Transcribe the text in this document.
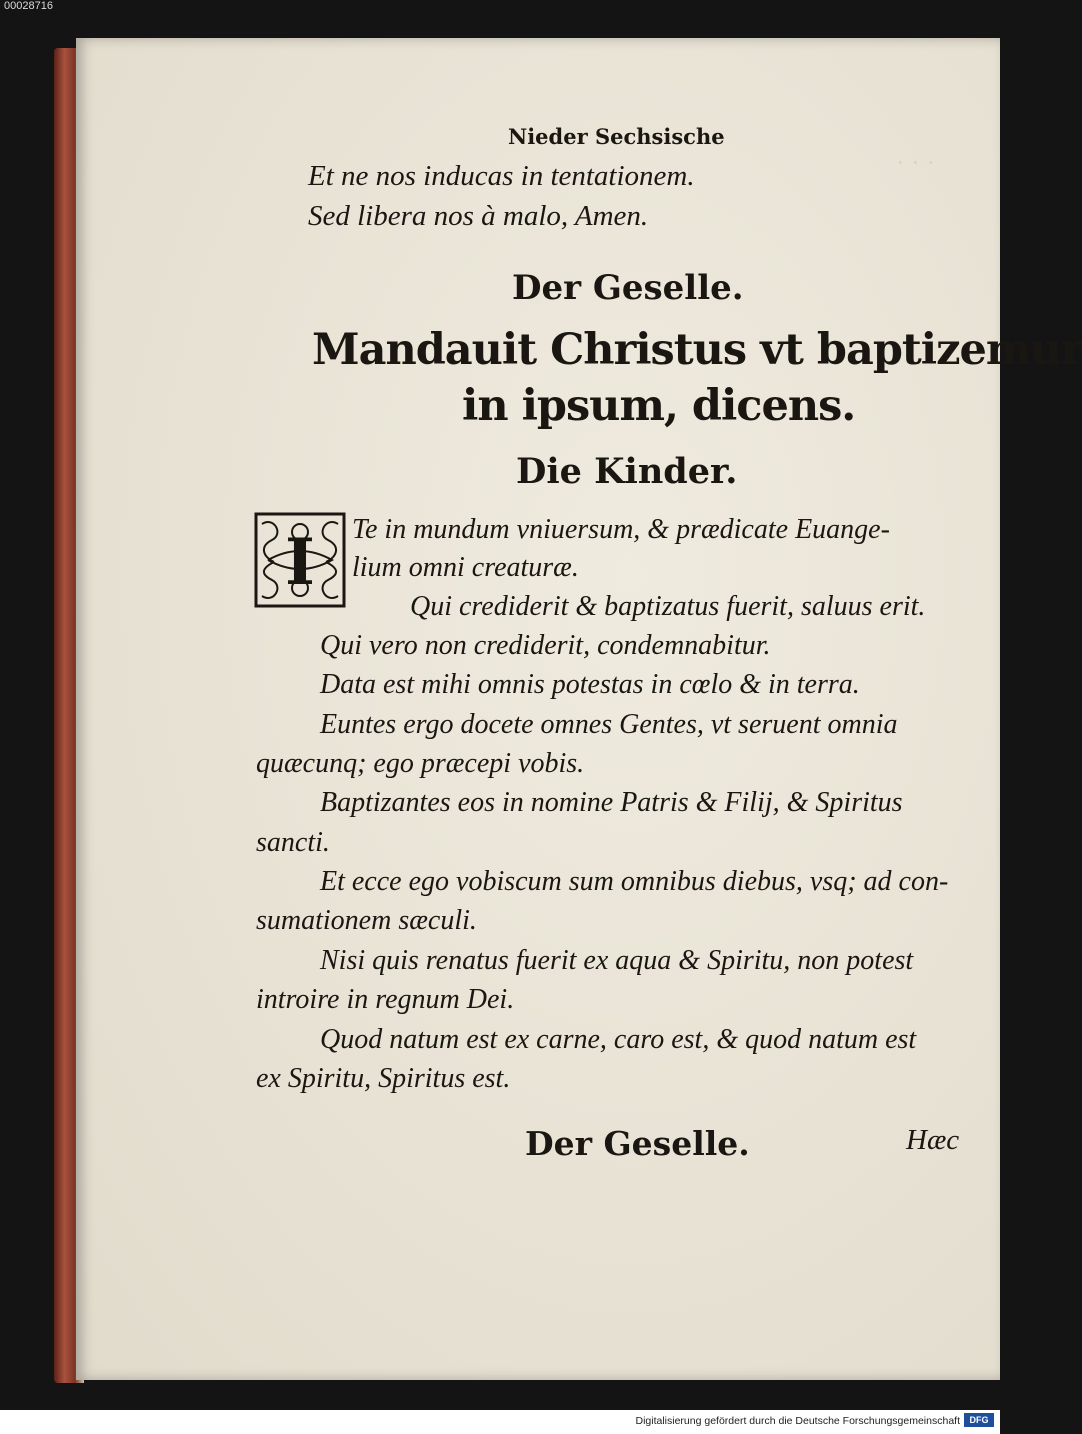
00028716
· · ·
Nieder Sechsische
Et ne nos inducas in tentationem.
Sed libera nos à malo, Amen.
Der Geselle.
Mandauit Christus vt baptizemur
in ipsum, dicens.
Die Kinder.
I Te in mundum vniuersum, & prædicate Euange-
lium omni creaturæ.
Qui crediderit & baptizatus fuerit, saluus erit.
Qui vero non crediderit, condemnabitur.
Data est mihi omnis potestas in cœlo & in terra.
Euntes ergo docete omnes Gentes, vt seruent omnia
quæcunq; ego præcepi vobis.
Baptizantes eos in nomine Patris & Filij, & Spiritus
sancti.
Et ecce ego vobiscum sum omnibus diebus, vsq; ad con-
sumationem sæculi.
Nisi quis renatus fuerit ex aqua & Spiritu, non potest
introire in regnum Dei.
Quod natum est ex carne, caro est, & quod natum est
ex Spiritu, Spiritus est.
Der Geselle.	Hæc
Digitalisierung gefördert durch die Deutsche Forschungsgemeinschaft	DFG
